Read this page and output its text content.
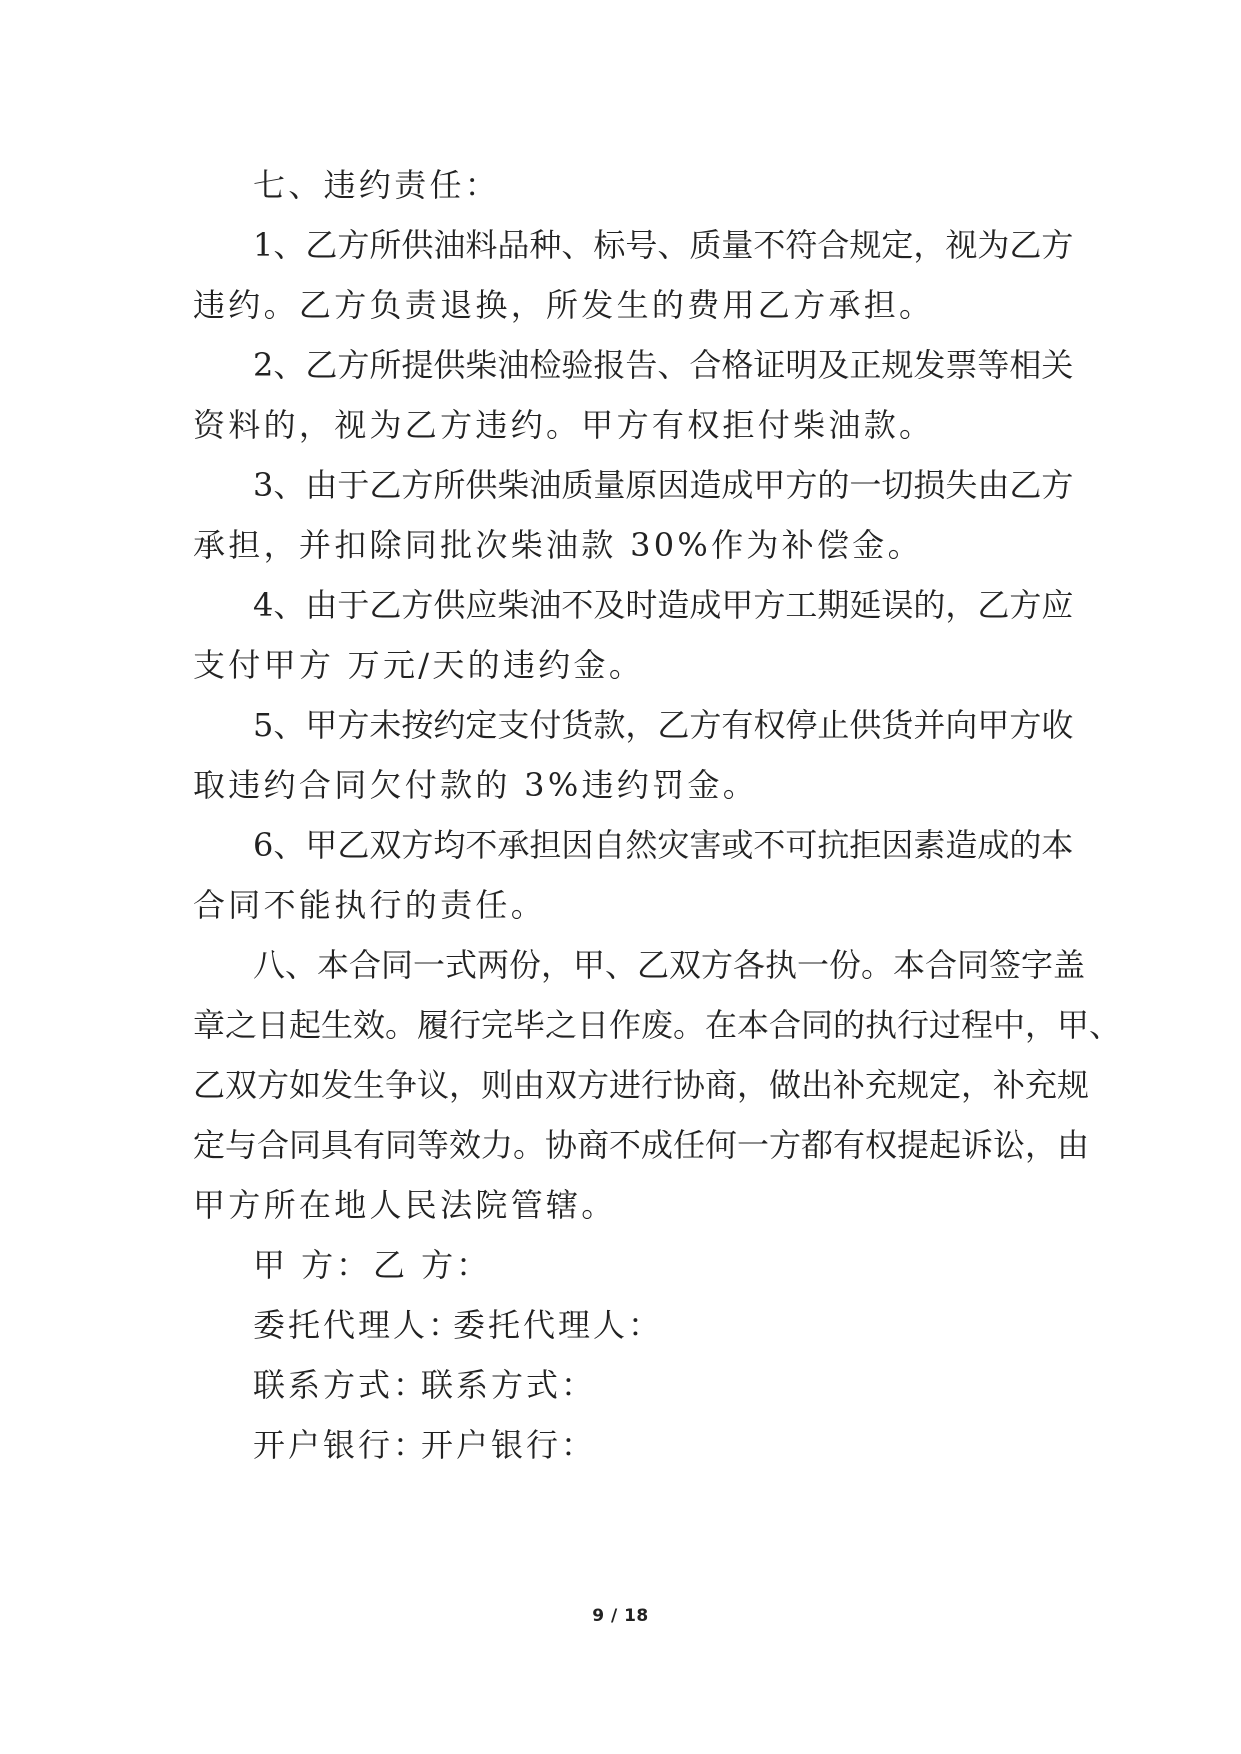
七、违约责任：
1、乙方所供油料品种、标号、质量不符合规定，视为乙方
违约。乙方负责退换，所发生的费用乙方承担。
2、乙方所提供柴油检验报告、合格证明及正规发票等相关
资料的，视为乙方违约。甲方有权拒付柴油款。
3、由于乙方所供柴油质量原因造成甲方的一切损失由乙方
承担，并扣除同批次柴油款 30%作为补偿金。
4、由于乙方供应柴油不及时造成甲方工期延误的，乙方应
支付甲方 万元/天的违约金。
5、甲方未按约定支付货款，乙方有权停止供货并向甲方收
取违约合同欠付款的 3%违约罚金。
6、甲乙双方均不承担因自然灾害或不可抗拒因素造成的本
合同不能执行的责任。
八、本合同一式两份，甲、乙双方各执一份。本合同签字盖
章之日起生效。履行完毕之日作废。在本合同的执行过程中，甲、
乙双方如发生争议，则由双方进行协商，做出补充规定，补充规
定与合同具有同等效力。协商不成任何一方都有权提起诉讼，由
甲方所在地人民法院管辖。
甲 方： 乙 方：
委托代理人：
委托代理人：
联系方式：
联系方式：
开户银行：
开户银行：
9 / 18
